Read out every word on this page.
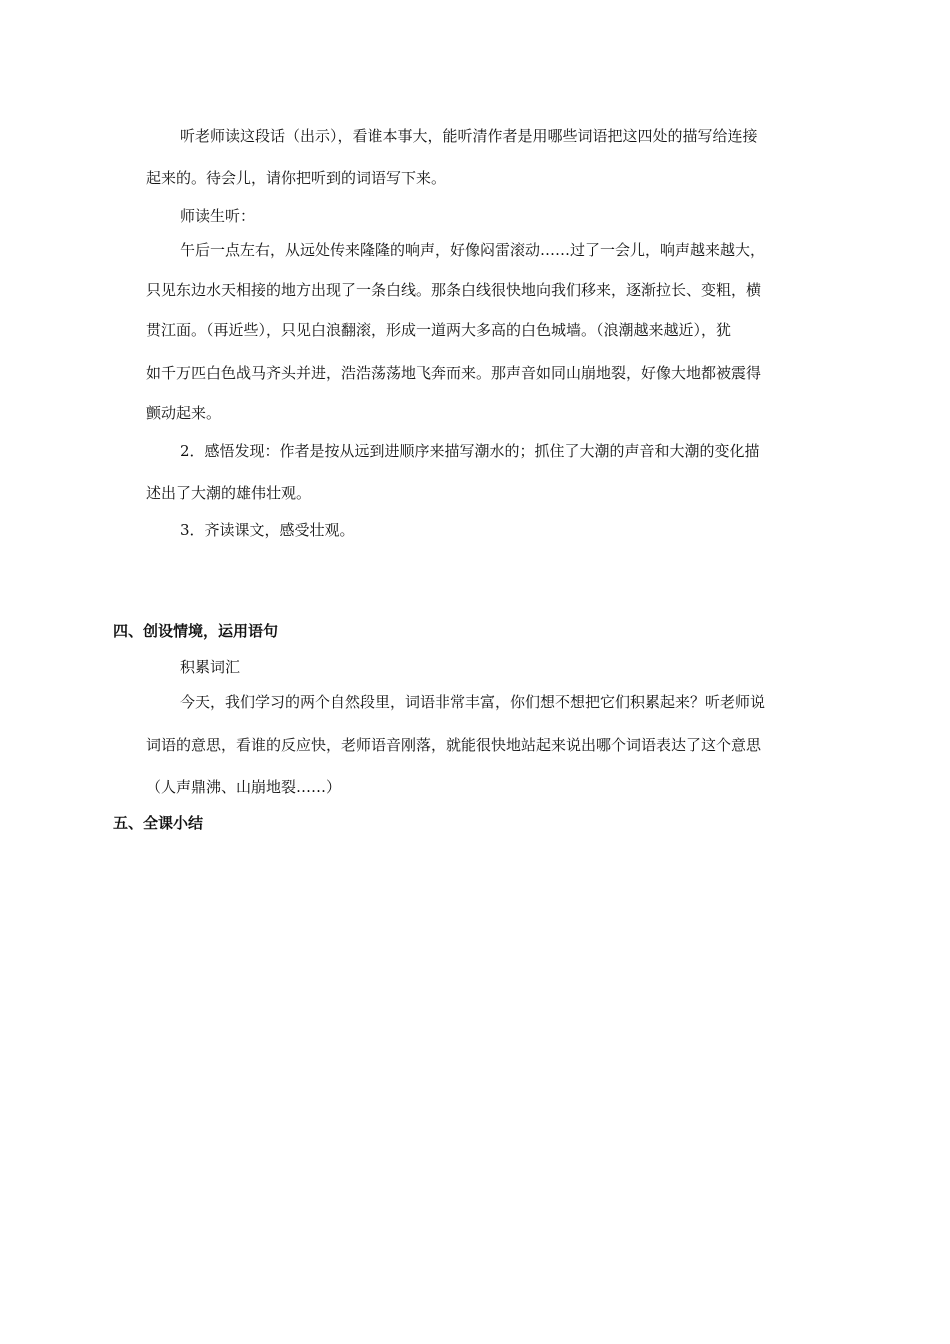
听老师读这段话（出示），看谁本事大，能听清作者是用哪些词语把这四处的描写给连接
起来的。待会儿，请你把听到的词语写下来。
师读生听：
午后一点左右，从远处传来隆隆的响声，好像闷雷滚动……过了一会儿，响声越来越大，
只见东边水天相接的地方出现了一条白线。那条白线很快地向我们移来，逐渐拉长、变粗，横
贯江面。（再近些），只见白浪翻滚，形成一道两大多高的白色城墙。（浪潮越来越近），犹
如千万匹白色战马齐头并进，浩浩荡荡地飞奔而来。那声音如同山崩地裂，好像大地都被震得
颤动起来。
2．感悟发现：作者是按从远到进顺序来描写潮水的；抓住了大潮的声音和大潮的变化描
述出了大潮的雄伟壮观。
3．齐读课文，感受壮观。
四、创设情境，运用语句
积累词汇
今天，我们学习的两个自然段里，词语非常丰富，你们想不想把它们积累起来？听老师说
词语的意思，看谁的反应快，老师语音刚落，就能很快地站起来说出哪个词语表达了这个意思
（人声鼎沸、山崩地裂……）
五、全课小结
